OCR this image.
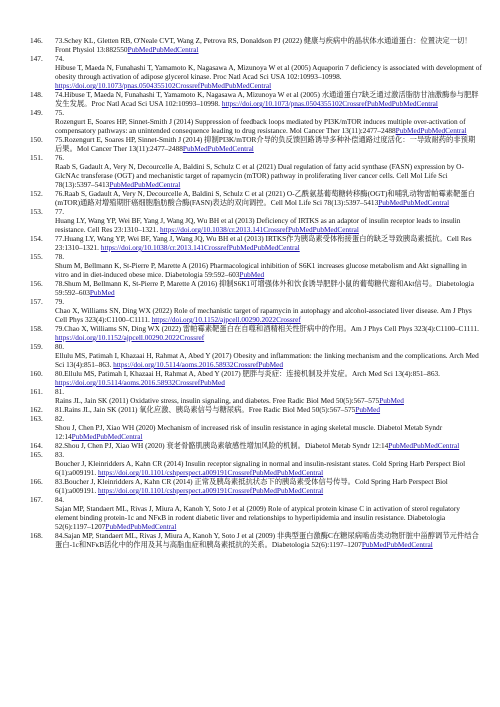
146. 73.Schey KL, Gletten RB, O'Neale CVT, Wang Z, Petrova RS, Donaldson PJ (2022) 健康与疾病中的晶状体水通道蛋白：位置决定一切！ Front Physiol 13:882550PubMedPubMedCentral

147. 74.

Hibuse T, Maeda N, Funahashi T, Yamamoto K, Nagasawa A, Mizunoya W et al (2005) Aquaporin 7 deficiency is associated with development of obesity through activation of adipose glycerol kinase. Proc Natl Acad Sci USA 102:10993–10998. https://doi.org/10.1073/pnas.0504355102CrossrefPubMedPubMedCentral

148. 74.Hibuse T, Maeda N, Funahashi T, Yamamoto K, Nagasawa A, Mizunoya W et al (2005) 水通道蛋白7缺乏通过激活脂肪甘油激酶参与肥胖发生发展。Proc Natl Acad Sci USA 102:10993–10998. https://doi.org/10.1073/pnas.0504355102CrossrefPubMedPubMedCentral

149. 75.

Rozengurt E, Soares HP, Sinnet-Smith J (2014) Suppression of feedback loops mediated by PI3K/mTOR induces multiple over-activation of compensatory pathways: an unintended consequence leading to drug resistance. Mol Cancer Ther 13(11):2477–2488PubMedPubMedCentral

150. 75.Rozengurt E, Soares HP, Sinnet-Smith J (2014) 抑制PI3K/mTOR介导的负反馈回路诱导多种补偿通路过度活化：一导致耐药的非预期后果。Mol Cancer Ther 13(11):2477–2488PubMedPubMedCentral

151. 76.

Raab S, Gadault A, Very N, Decourcelle A, Baldini S, Schulz C et al (2021) Dual regulation of fatty acid synthase (FASN) expression by O-GlcNAc transferase (OGT) and mechanistic target of rapamycin (mTOR) pathway in proliferating liver cancer cells. Cell Mol Life Sci 78(13):5397–5413PubMedPubMedCentral

152. 76.Raab S, Gadault A, Very N, Decourcelle A, Baldini S, Schulz C et al (2021) O-乙酰氨基葡萄糖转移酶(OGT)和哺乳动物雷帕霉素靶蛋白(mTOR)通路对增殖期肝癌细胞脂肪酸合酶(FASN)表达的双向调控。Cell Mol Life Sci 78(13):5397–5413PubMedPubMedCentral

153. 77.

Huang LY, Wang YP, Wei BF, Yang J, Wang JQ, Wu BH et al (2013) Deficiency of IRTKS as an adaptor of insulin receptor leads to insulin resistance. Cell Res 23:1310–1321. https://doi.org/10.1038/cr.2013.141CrossrefPubMedPubMedCentral

154. 77.Huang LY, Wang YP, Wei BF, Yang J, Wang JQ, Wu BH et al (2013) IRTKS作为胰岛素受体衔接蛋白的缺乏导致胰岛素抵抗。Cell Res 23:1310–1321. https://doi.org/10.1038/cr.2013.141CrossrefPubMedPubMedCentral

155. 78.

Shum M, Bellmann K, St-Pierre P, Marette A (2016) Pharmacological inhibition of S6K1 increases glucose metabolism and Akt signalling in vitro and in diet-induced obese mice. Diabetologia 59:592–603PubMed

156. 78.Shum M, Bellmann K, St-Pierre P, Marette A (2016) 抑制S6K1可增强体外和饮食诱导肥胖小鼠的葡萄糖代谢和Akt信号。Diabetologia 59:592–603PubMed

157. 79.

Chao X, Williams SN, Ding WX (2022) Role of mechanistic target of rapamycin in autophagy and alcohol-associated liver disease. Am J Phys Cell Phys 323(4):C1100–C1111. https://doi.org/10.1152/ajpcell.00290.2022Crossref

158. 79.Chao X, Williams SN, Ding WX (2022) 雷帕霉素靶蛋白在自噬和酒精相关性肝病中的作用。Am J Phys Cell Phys 323(4):C1100–C1111. https://doi.org/10.1152/ajpcell.00290.2022Crossref

159. 80.

Ellulu MS, Patimah I, Khazaai H, Rahmat A, Abed Y (2017) Obesity and inflammation: the linking mechanism and the complications. Arch Med Sci 13(4):851–863. https://doi.org/10.5114/aoms.2016.58932CrossrefPubMed

160. 80.Ellulu MS, Patimah I, Khazaai H, Rahmat A, Abed Y (2017) 肥胖与炎症：连接机制及并发症。Arch Med Sci 13(4):851–863. https://doi.org/10.5114/aoms.2016.58932CrossrefPubMed

161. 81.

Rains JL, Jain SK (2011) Oxidative stress, insulin signaling, and diabetes. Free Radic Biol Med 50(5):567–575PubMed

162. 81.Rains JL, Jain SK (2011) 氧化应激、胰岛素信号与糖尿病。Free Radic Biol Med 50(5):567–575PubMed

163. 82.

Shou J, Chen PJ, Xiao WH (2020) Mechanism of increased risk of insulin resistance in aging skeletal muscle. Diabetol Metab Syndr 12:14PubMedPubMedCentral

164. 82.Shou J, Chen PJ, Xiao WH (2020) 衰老骨骼肌胰岛素敏感性增加风险的机制。Diabetol Metab Syndr 12:14PubMedPubMedCentral

165. 83.

Boucher J, Kleinridders A, Kahn CR (2014) Insulin receptor signaling in normal and insulin-resistant states. Cold Spring Harb Perspect Biol 6(1):a009191. https://doi.org/10.1101/cshperspect.a009191CrossrefPubMedPubMedCentral

166. 83.Boucher J, Kleinridders A, Kahn CR (2014) 正常及胰岛素抵抗状态下的胰岛素受体信号传导。Cold Spring Harb Perspect Biol 6(1):a009191. https://doi.org/10.1101/cshperspect.a009191CrossrefPubMedPubMedCentral

167. 84.

Sajan MP, Standaert ML, Rivas J, Miura A, Kanoh Y, Soto J et al (2009) Role of atypical protein kinase C in activation of sterol regulatory element binding protein-1c and NFκB in rodent diabetic liver and relationships to hyperlipidemia and insulin resistance. Diabetologia 52(6):1197–1207PubMedPubMedCentral

168. 84.Sajan MP, Standaert ML, Rivas J, Miura A, Kanoh Y, Soto J et al (2009) 非典型蛋白激酶C在糖尿病啮齿类动物肝脏中甾醇调节元件结合蛋白-1c和NFκB活化中的作用及其与高脂血症和胰岛素抵抗的关系。Diabetologia 52(6):1197–1207PubMedPubMedCentral
